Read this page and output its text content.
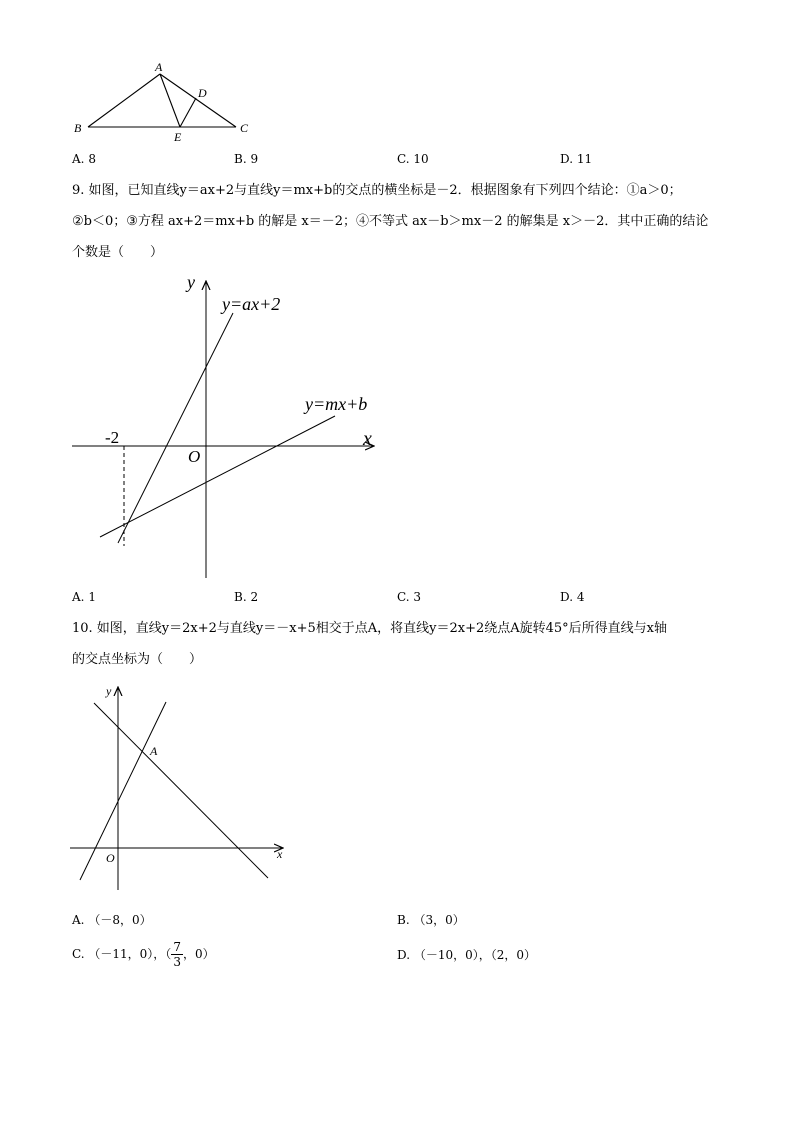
A
B	C
D
E
A. 8	B. 9	C. 10	D. 11
9. 如图，已知直线y＝ax+2与直线y＝mx+b的交点的横坐标是－2．根据图象有下列四个结论：①a＞0；
②b＜0；③方程 ax+2＝mx+b 的解是 x＝－2；④不等式 ax－b＞mx－2 的解集是 x＞－2．其中正确的结论
个数是（　　）
y
x
O
-2
y=ax+2
y=mx+b
A. 1	B. 2	C. 3	D. 4
10. 如图，直线y＝2x+2与直线y＝－x+5相交于点A，将直线y＝2x+2绕点A旋转45°后所得直线与x轴
的交点坐标为（　　）
y
x
O
A
A. （－8，0）	B. （3，0）
C. （－11，0），（ $\frac{7}{3}$ ，0）	D. （－10，0），（2，0）
